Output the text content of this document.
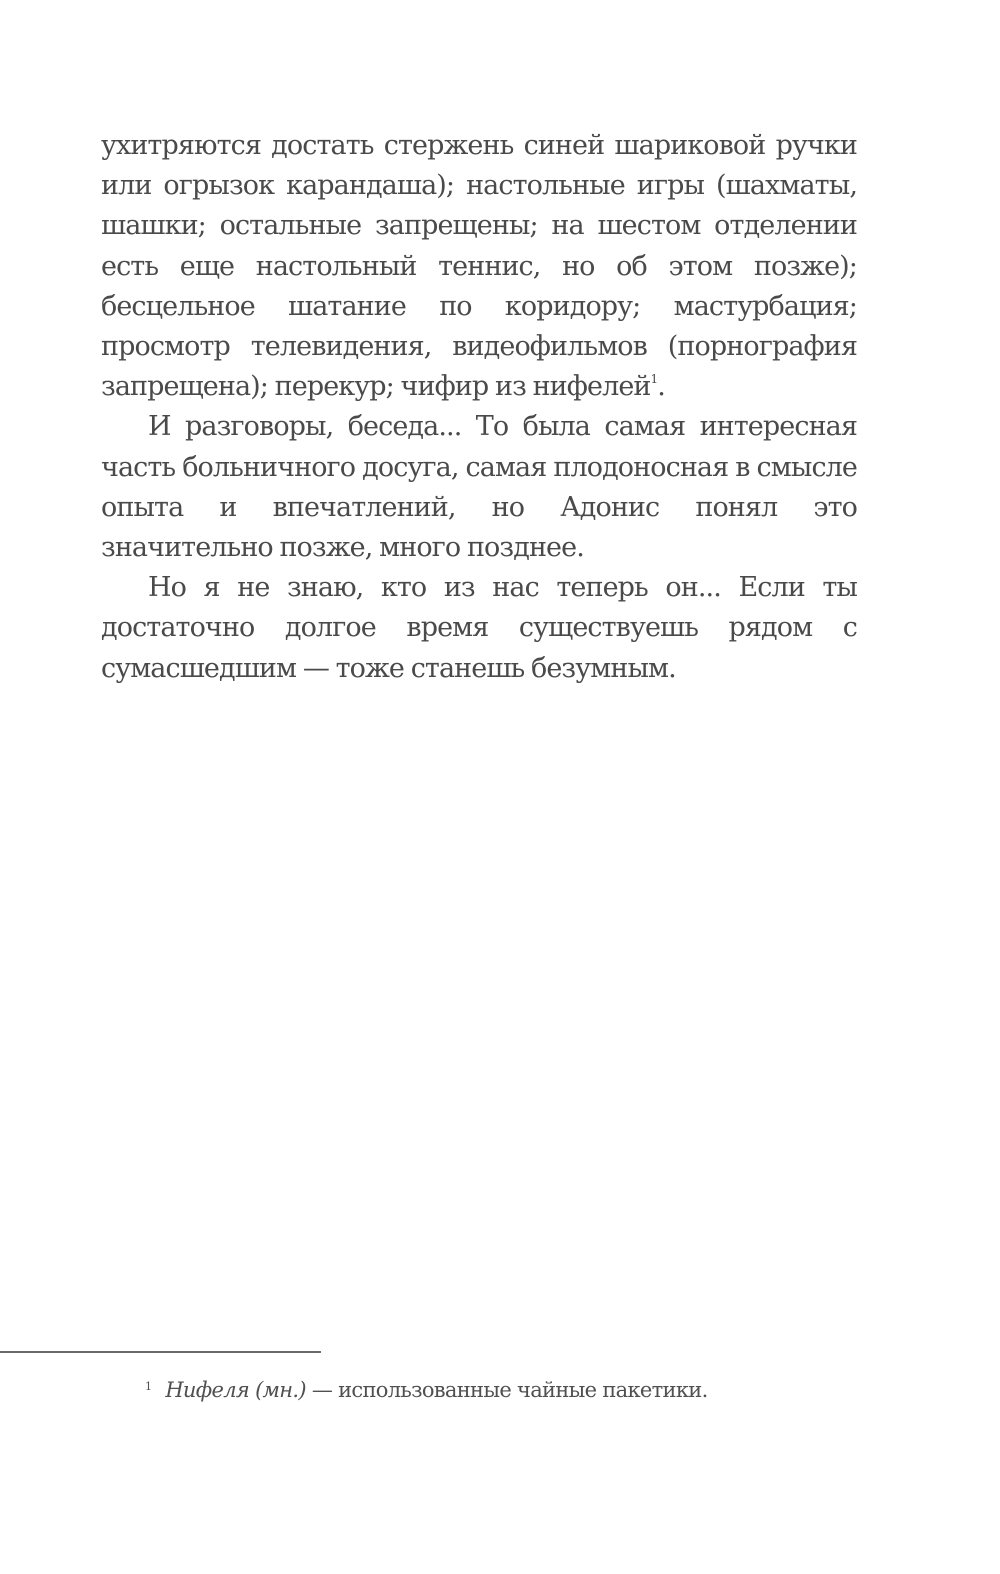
ухитряются достать стержень синей шариковой ручки или огрызок карандаша); настольные игры (шахматы, шашки; остальные запрещены; на шестом отделении есть еще настольный теннис, но об этом позже); бесцельное шатание по коридору; мастурбация; просмотр телевидения, видеофильмов (порнография запрещена); перекур; чифир из нифелей$^1$.

И разговоры, беседа... То была самая интересная часть больничного досуга, самая плодоносная в смысле опыта и впечатлений, но Адонис понял это значительно позже, много позднее.

Но я не знаю, кто из нас теперь он... Если ты достаточно долгое время существуешь рядом с сумасшедшим — тоже станешь безумным.

$^1$ Нифеля (мн.) — использованные чайные пакетики.
